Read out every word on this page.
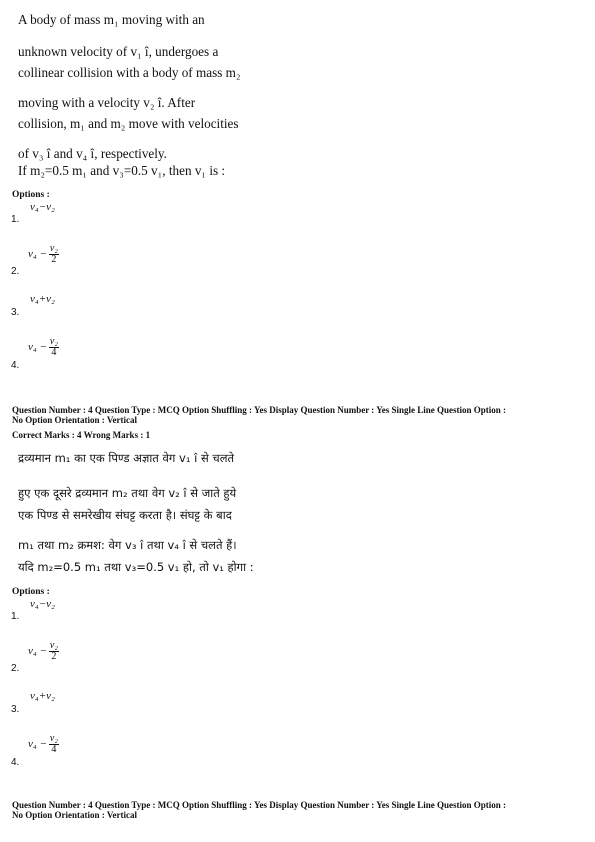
A body of mass m₁ moving with an
unknown velocity of v₁ î, undergoes a
collinear collision with a body of mass m₂
moving with a velocity v₂ î. After
collision, m₁ and m₂ move with velocities
of v₃ î and v₄ î, respectively.
If m₂=0.5 m₁ and v₃=0.5 v₁, then v₁ is :
Options :
v₄−v₂
1.
$v_4 - \frac{\text{v₂}}{2}$
2.
v₄+v₂
3.
$v_4 - \frac{\text{v₂}}{4}$
4.
Question Number : 4 Question Type : MCQ Option Shuffling : Yes Display Question Number : Yes Single Line Question Option :
No Option Orientation : Vertical
Correct Marks : 4 Wrong Marks : 1
द्रव्यमान m₁ का एक पिण्ड अज्ञात वेग v₁ î से चलते
हुए एक दूसरे द्रव्यमान m₂ तथा वेग v₂ î से जाते हुये
एक पिण्ड से समरेखीय संघट्ट करता है। संघट्ट के बाद
m₁ तथा m₂ क्रमश: वेग v₃ î तथा v₄ î से चलते हैं।
यदि m₂=0.5 m₁ तथा v₃=0.5 v₁ हो, तो v₁ होगा :
Options :
v₄−v₂
1.
$v_4 - \frac{\text{v₂}}{2}$
2.
v₄+v₂
3.
$v_4 - \frac{\text{v₂}}{4}$
4.
Question Number : 4 Question Type : MCQ Option Shuffling : Yes Display Question Number : Yes Single Line Question Option :
No Option Orientation : Vertical
